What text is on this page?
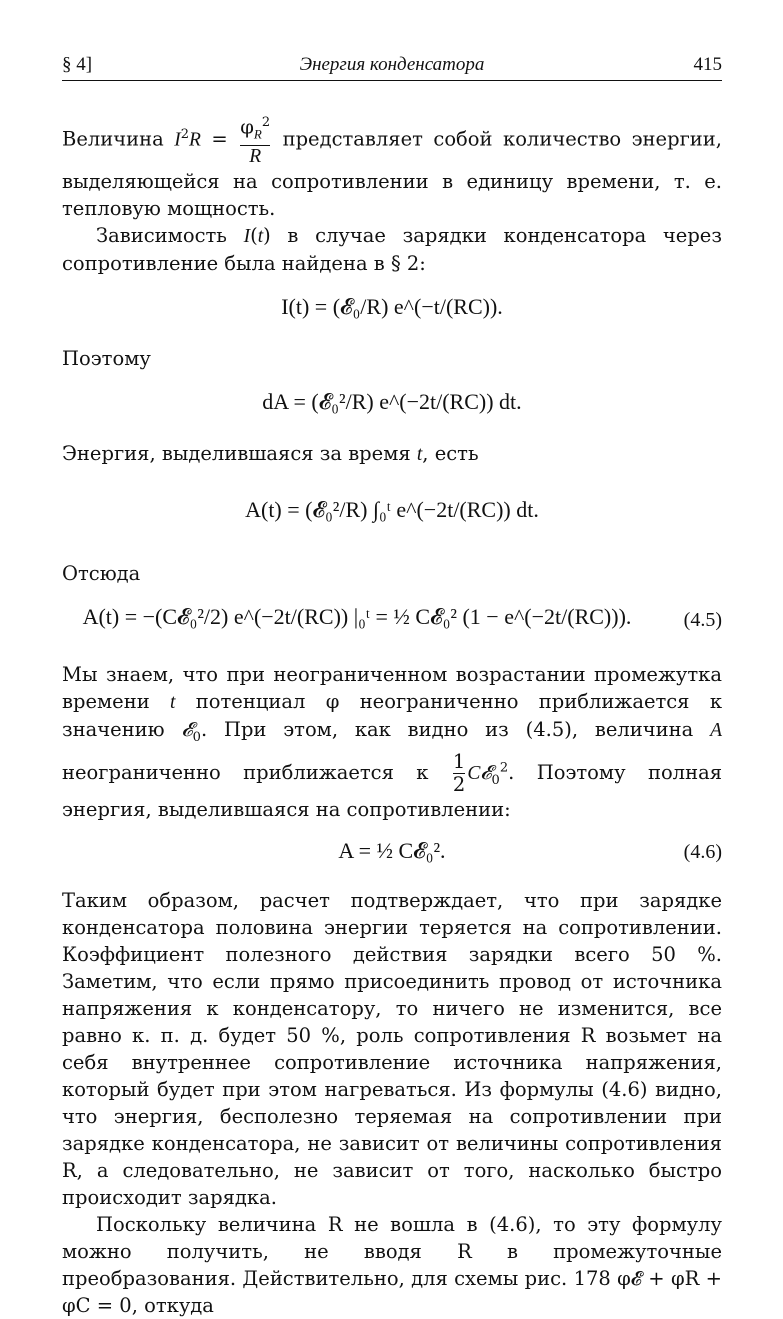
§ 4]	Энергия конденсатора	415

Величина $I^2R = \frac{\varphi_R^2}{R}$ представляет собой количество энергии, выделяющейся на сопротивлении в единицу времени, т. е. тепловую мощность.

Зависимость I(t) в случае зарядки конденсатора через сопротивление была найдена в § 2:

I(t) = (𝓔₀/R) e^(−t/(RC)).

Поэтому

dA = (𝓔₀²/R) e^(−2t/(RC)) dt.

Энергия, выделившаяся за время t, есть

A(t) = (𝓔₀²/R) ∫₀ᵗ e^(−2t/(RC)) dt.

Отсюда

A(t) = −(C𝓔₀²/2) e^(−2t/(RC)) |₀ᵗ = ½ C𝓔₀² (1 − e^(−2t/(RC))).	(4.5)

Мы знаем, что при неограниченном возрастании промежутка времени t потенциал φ неограниченно приближается к значению 𝓔$_0$. При этом, как видно из (4.5), величина A неограниченно приближается к $\frac{1}{2}$ C𝓔$_0^2$. Поэтому полная энергия, выделившаяся на сопротивлении:

A = ½ C𝓔₀².	(4.6)

Таким образом, расчет подтверждает, что при зарядке конденсатора половина энергии теряется на сопротивлении. Коэффициент полезного действия зарядки всего 50 %. Заметим, что если прямо присоединить провод от источника напряжения к конденсатору, то ничего не изменится, все равно к. п. д. будет 50 %, роль сопротивления R возьмет на себя внутреннее сопротивление источника напряжения, который будет при этом нагреваться. Из формулы (4.6) видно, что энергия, бесполезно теряемая на сопротивлении при зарядке конденсатора, не зависит от величины сопротивления R, а следовательно, не зависит от того, насколько быстро происходит зарядка.

Поскольку величина R не вошла в (4.6), то эту формулу можно получить, не вводя R в промежуточные преобразования. Действительно, для схемы рис. 178 φ𝓔 + φR + φC = 0, откуда
